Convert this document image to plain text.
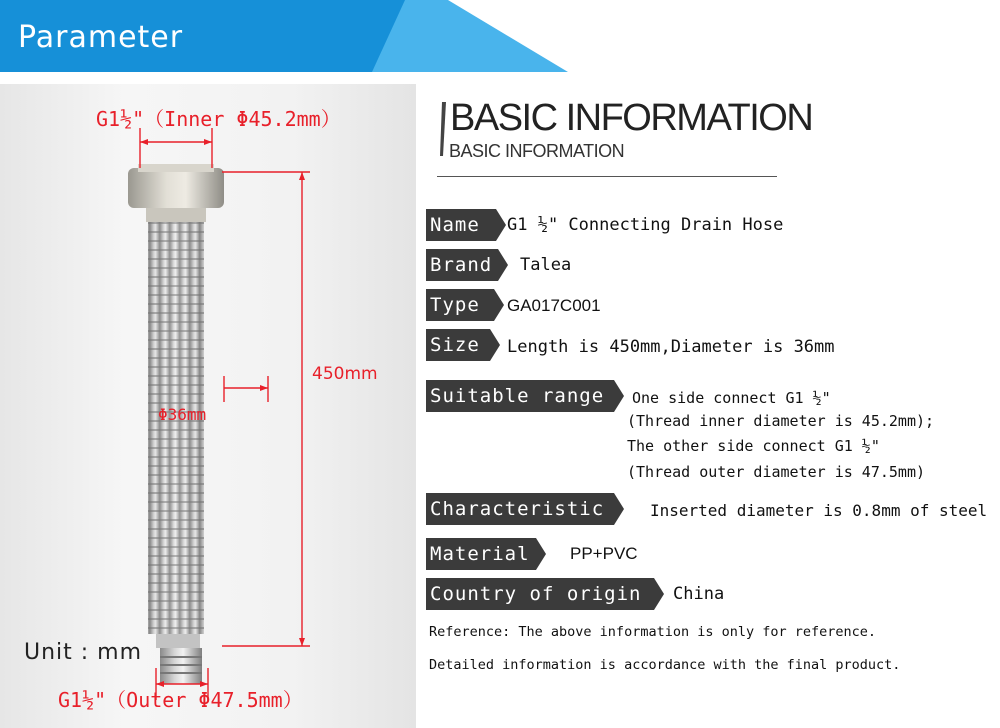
Parameter
G1½"（Inner Φ45.2mm）
450mm
Φ36mm
G1½"（Outer Φ47.5mm）
Unit : mm
BASIC INFORMATION
BASIC INFORMATION
Name	G1 ½" Connecting Drain Hose
Brand	Talea
Type	GA017C001
Size	Length is 450mm,Diameter is 36mm
Suitable range	One side connect G1 ½"
(Thread inner diameter is 45.2mm);
The other side connect G1 ½"
(Thread outer diameter is 47.5mm)
Characteristic	Inserted diameter is 0.8mm of steel
Material	PP+PVC
Country of origin	China
Reference: The above information is only for reference.
Detailed information is accordance with the final product.
